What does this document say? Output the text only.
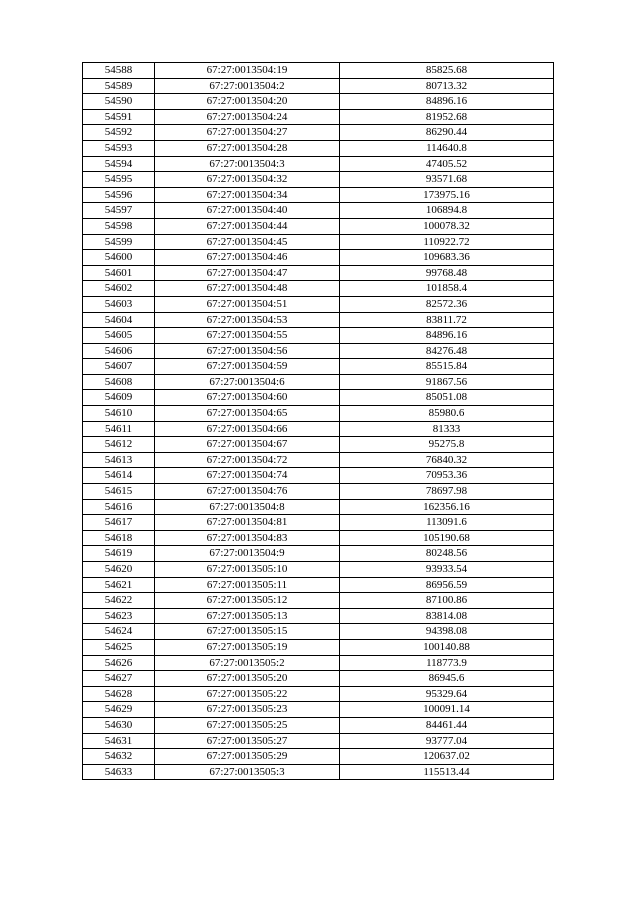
54588	67:27:0013504:19	85825.68
54589	67:27:0013504:2	80713.32
54590	67:27:0013504:20	84896.16
54591	67:27:0013504:24	81952.68
54592	67:27:0013504:27	86290.44
54593	67:27:0013504:28	114640.8
54594	67:27:0013504:3	47405.52
54595	67:27:0013504:32	93571.68
54596	67:27:0013504:34	173975.16
54597	67:27:0013504:40	106894.8
54598	67:27:0013504:44	100078.32
54599	67:27:0013504:45	110922.72
54600	67:27:0013504:46	109683.36
54601	67:27:0013504:47	99768.48
54602	67:27:0013504:48	101858.4
54603	67:27:0013504:51	82572.36
54604	67:27:0013504:53	83811.72
54605	67:27:0013504:55	84896.16
54606	67:27:0013504:56	84276.48
54607	67:27:0013504:59	85515.84
54608	67:27:0013504:6	91867.56
54609	67:27:0013504:60	85051.08
54610	67:27:0013504:65	85980.6
54611	67:27:0013504:66	81333
54612	67:27:0013504:67	95275.8
54613	67:27:0013504:72	76840.32
54614	67:27:0013504:74	70953.36
54615	67:27:0013504:76	78697.98
54616	67:27:0013504:8	162356.16
54617	67:27:0013504:81	113091.6
54618	67:27:0013504:83	105190.68
54619	67:27:0013504:9	80248.56
54620	67:27:0013505:10	93933.54
54621	67:27:0013505:11	86956.59
54622	67:27:0013505:12	87100.86
54623	67:27:0013505:13	83814.08
54624	67:27:0013505:15	94398.08
54625	67:27:0013505:19	100140.88
54626	67:27:0013505:2	118773.9
54627	67:27:0013505:20	86945.6
54628	67:27:0013505:22	95329.64
54629	67:27:0013505:23	100091.14
54630	67:27:0013505:25	84461.44
54631	67:27:0013505:27	93777.04
54632	67:27:0013505:29	120637.02
54633	67:27:0013505:3	115513.44
